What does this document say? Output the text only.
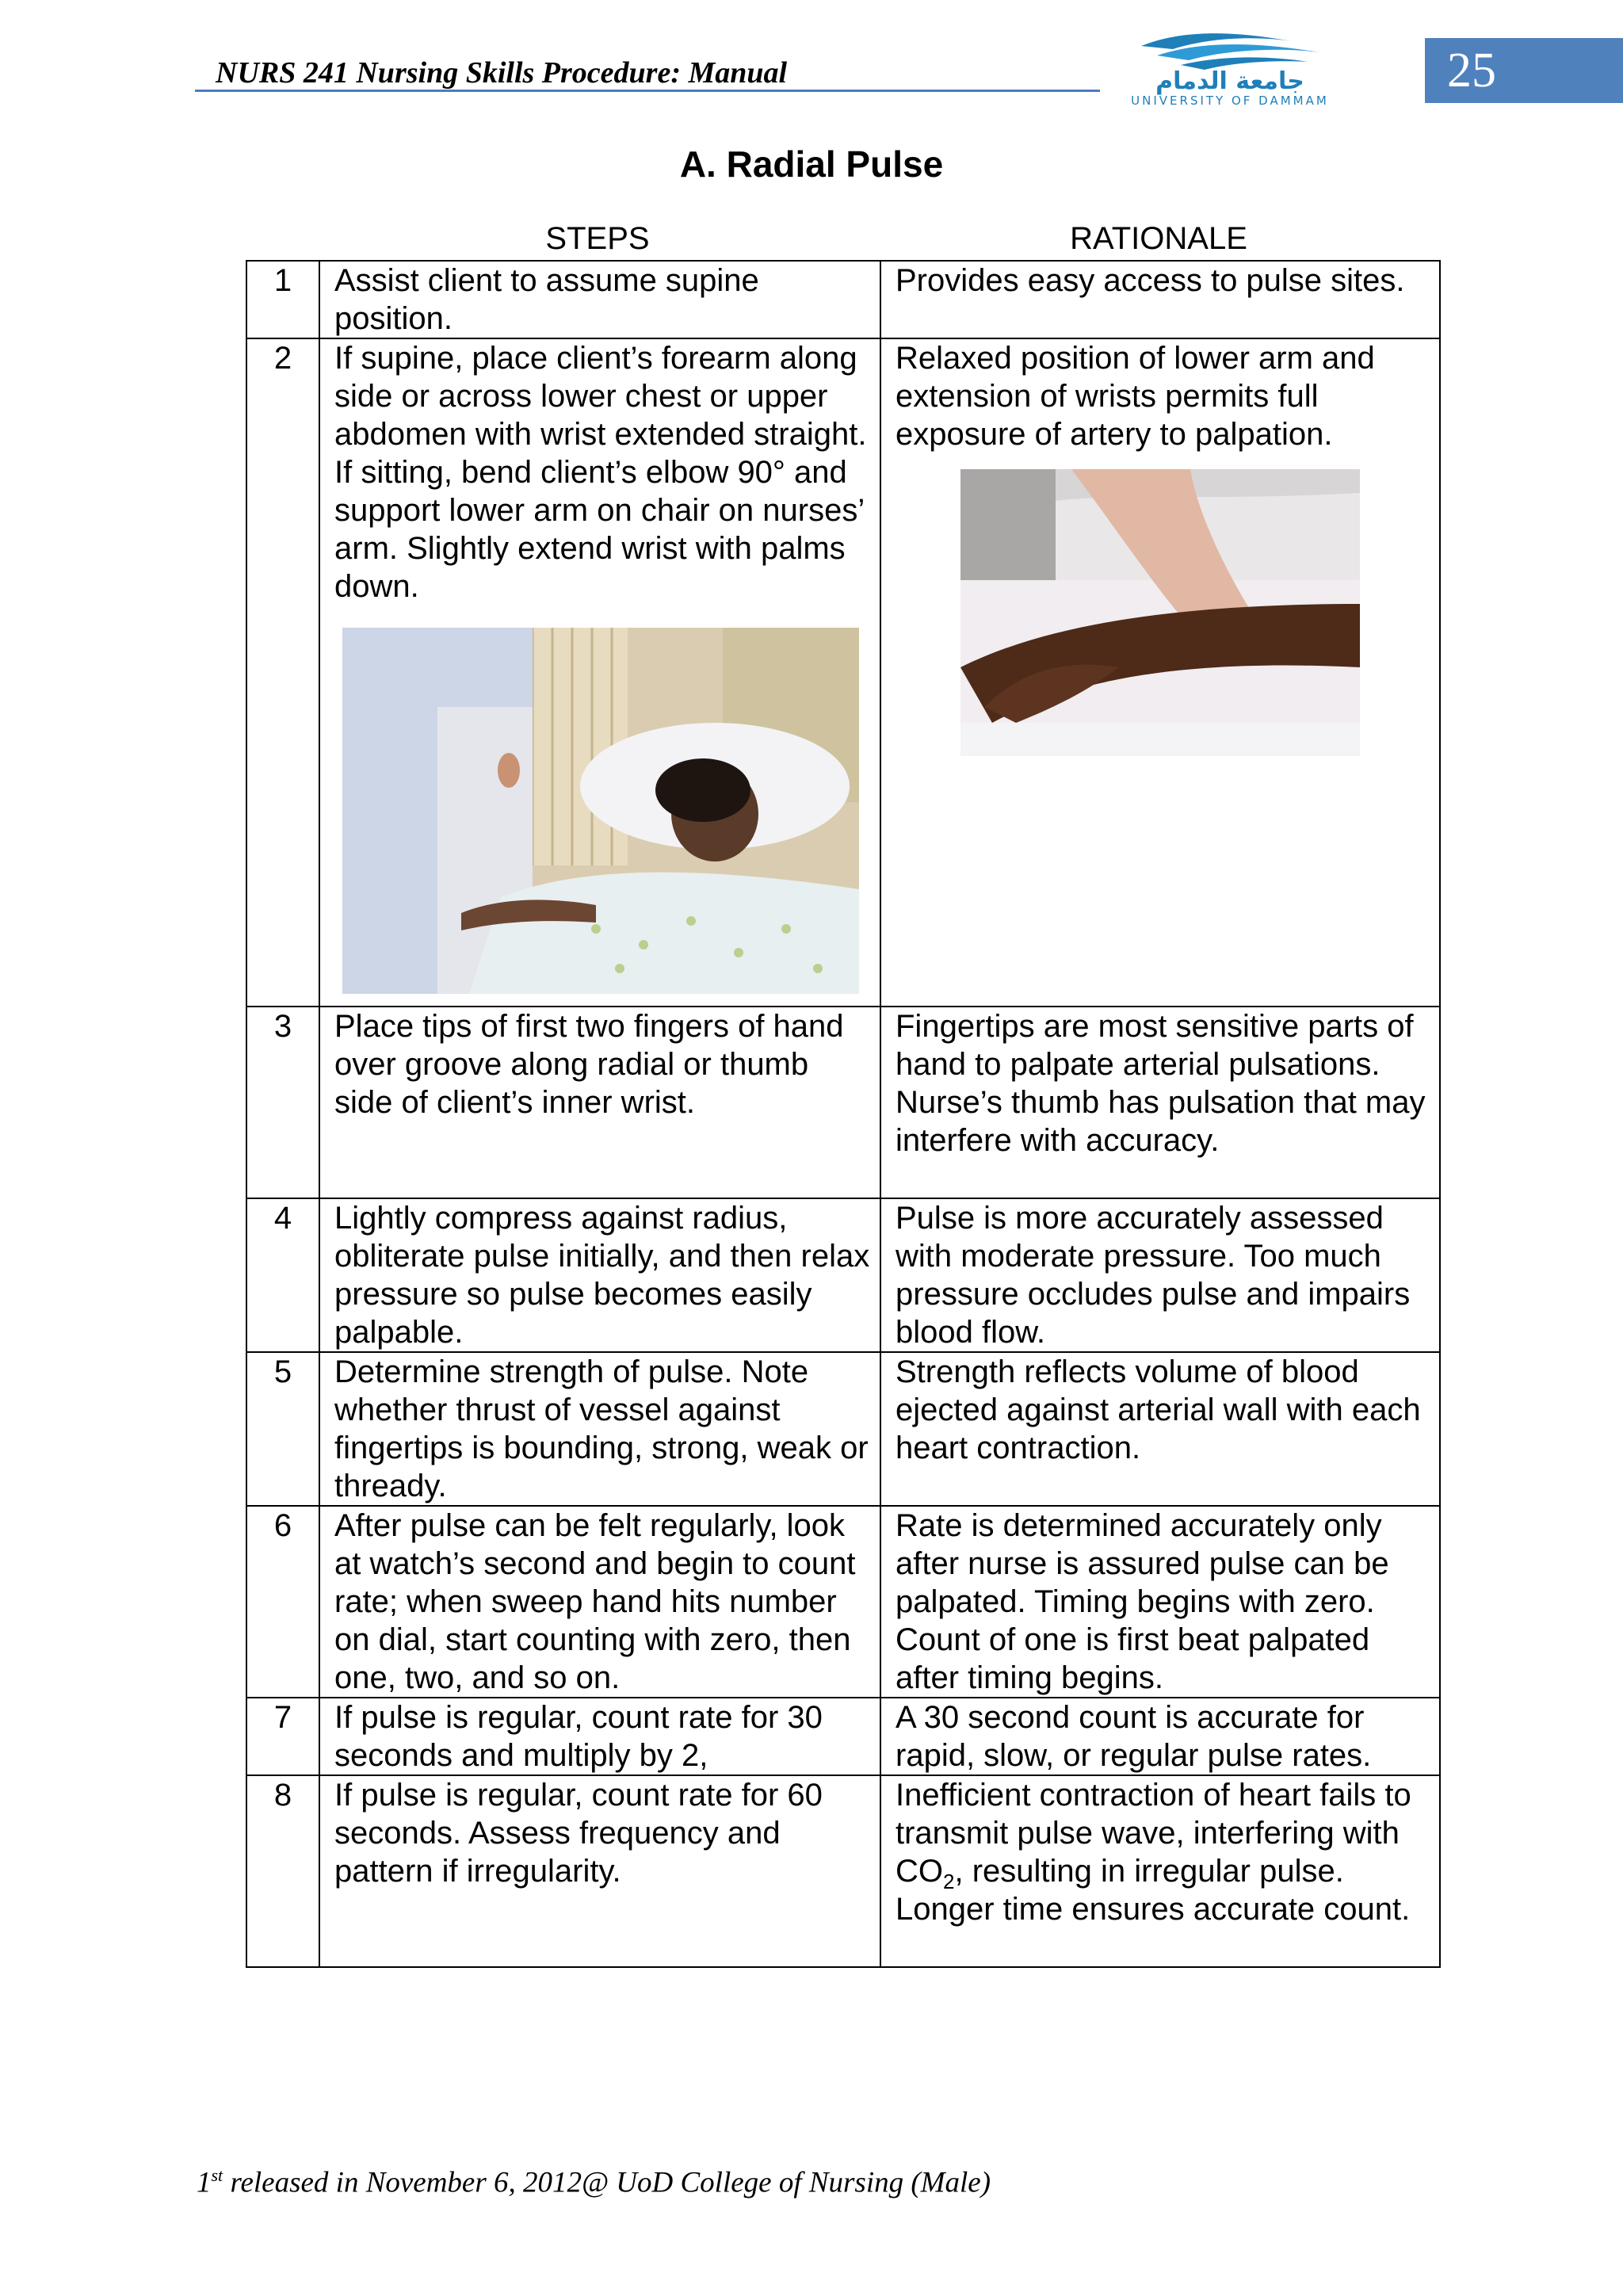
NURS 241 Nursing Skills Procedure: Manual	جامعة الدمام
UNIVERSITY OF DAMMAM
25
A. Radial Pulse
STEPS	RATIONALE
1	Assist client to assume supine position.	Provides easy access to pulse sites.
2	If supine, place client’s forearm along side or across lower chest or upper abdomen with wrist extended straight. If sitting, bend client’s elbow 90° and support lower arm on chair on nurses’ arm. Slightly extend wrist with palms down.	Relaxed position of lower arm and extension of wrists permits full exposure of artery to palpation.

3	Place tips of first two fingers of hand over groove along radial or thumb side of client’s inner wrist.	Fingertips are most sensitive parts of hand to palpate arterial pulsations. Nurse’s thumb has pulsation that may interfere with accuracy.
4	Lightly compress against radius, obliterate pulse initially, and then relax pressure so pulse becomes easily palpable.	Pulse is more accurately assessed with moderate pressure. Too much pressure occludes pulse and impairs blood flow.
5	Determine strength of pulse. Note whether thrust of vessel against fingertips is bounding, strong, weak or thready.	Strength reflects volume of blood ejected against arterial wall with each heart contraction.
6	After pulse can be felt regularly, look at watch’s second and begin to count rate; when sweep hand hits number on dial, start counting with zero, then one, two, and so on.	Rate is determined accurately only after nurse is assured pulse can be palpated. Timing begins with zero. Count of one is first beat palpated after timing begins.
7	If pulse is regular, count rate for 30 seconds and multiply by 2,	A 30 second count is accurate for rapid, slow, or regular pulse rates.
8	If pulse is regular, count rate for 60 seconds. Assess frequency and pattern if irregularity.	Inefficient contraction of heart fails to transmit pulse wave, interfering with $CO_2$, resulting in irregular pulse. Longer time ensures accurate count.
1st released in November 6, 2012@ UoD College of Nursing (Male)
